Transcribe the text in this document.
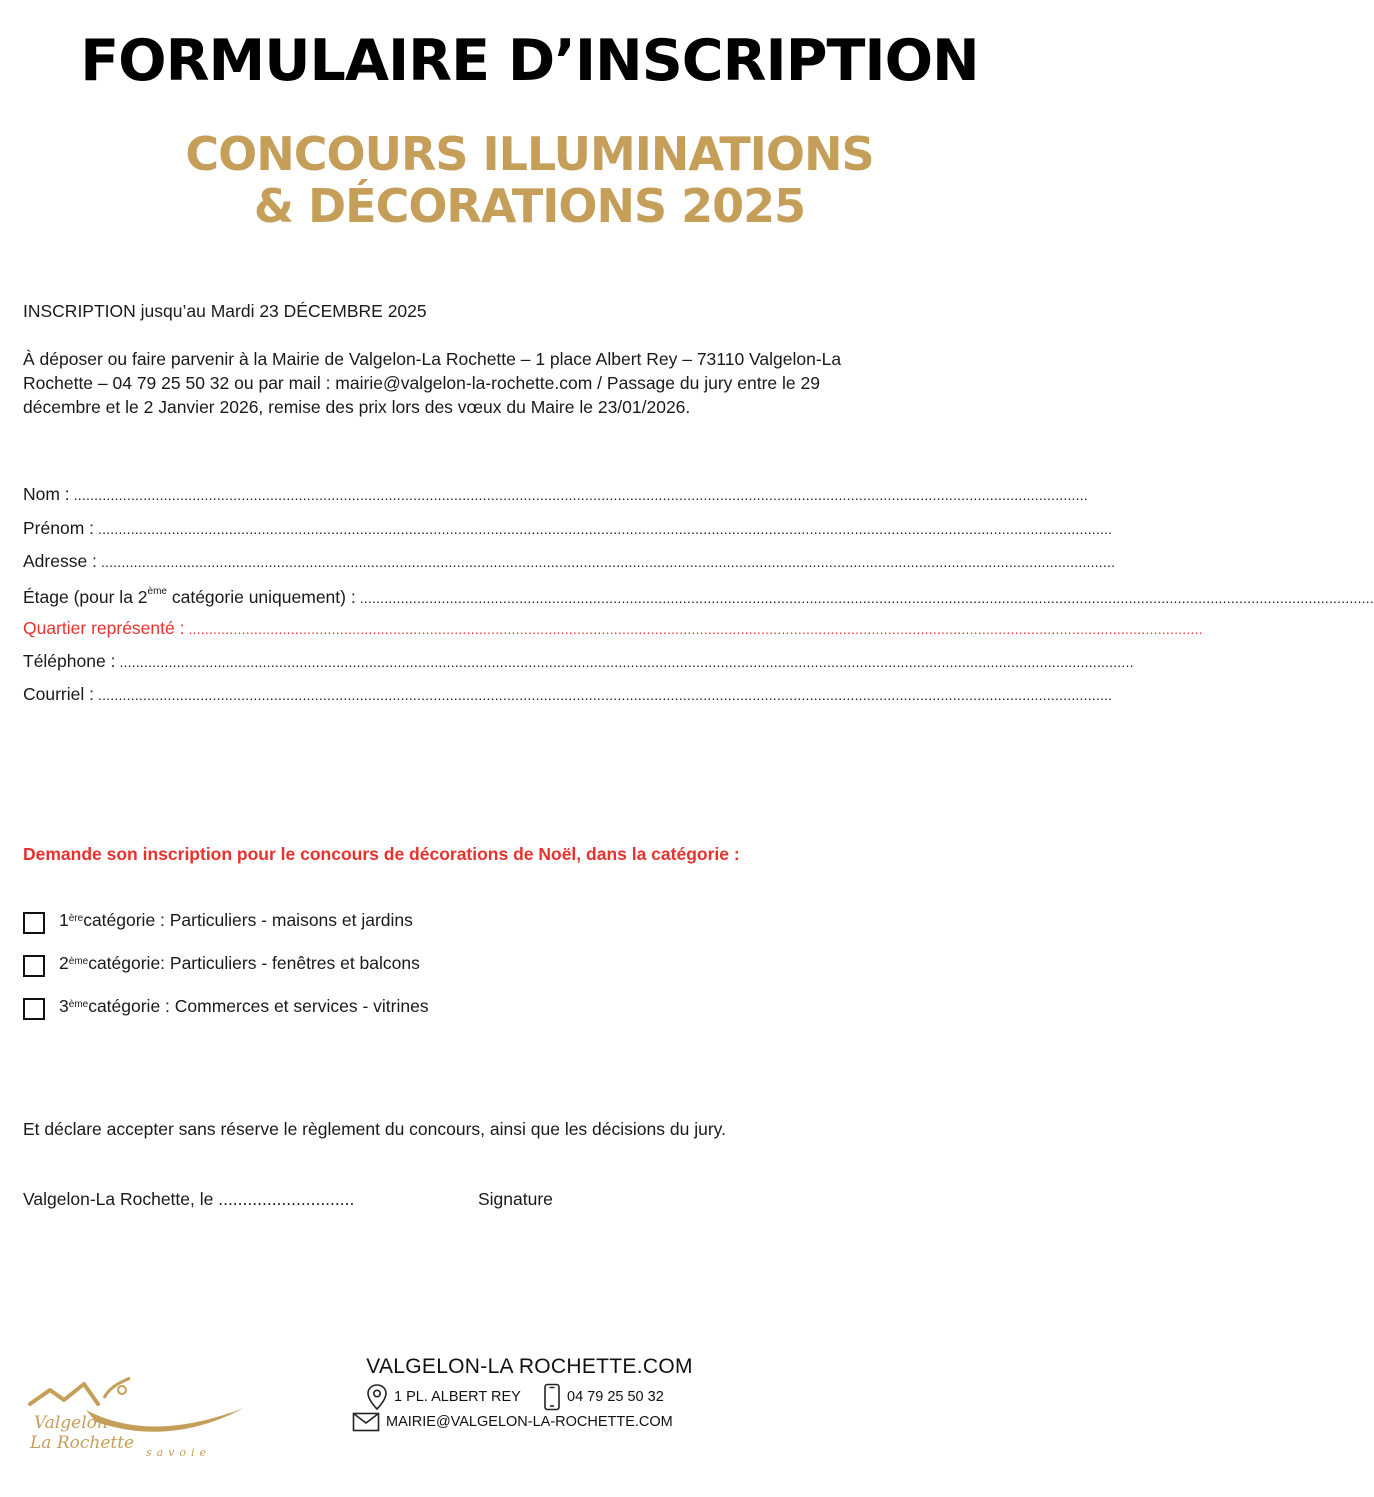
FORMULAIRE D’INSCRIPTION
CONCOURS ILLUMINATIONS
& DÉCORATIONS 2025
INSCRIPTION jusqu’au Mardi 23 DÉCEMBRE 2025
À déposer ou faire parvenir à la Mairie de Valgelon-La Rochette – 1 place Albert Rey – 73110 Valgelon-La
Rochette – 04 79 25 50 32 ou par mail : mairie@valgelon-la-rochette.com / Passage du jury entre le 29
décembre et le 2 Janvier 2026, remise des prix lors des vœux du Maire le 23/01/2026.
Nom : ........................................................................................................................................................................................................................................................
Prénom : ........................................................................................................................................................................................................................................................
Adresse : ........................................................................................................................................................................................................................................................
Étage (pour la 2ème catégorie uniquement) : ........................................................................................................................................................................................................................................................
Quartier représenté : ........................................................................................................................................................................................................................................................
Téléphone : ........................................................................................................................................................................................................................................................
Courriel : ........................................................................................................................................................................................................................................................
Demande son inscription pour le concours de décorations de Noël, dans la catégorie :
1ère catégorie : Particuliers - maisons et jardins
2ème catégorie: Particuliers - fenêtres et balcons
3ème catégorie : Commerces et services - vitrines
Et déclare accepter sans réserve le règlement du concours, ainsi que les décisions du jury.
Valgelon-La Rochette, le ............................	Signature
VALGELON-LA ROCHETTE.COM
1 PL. ALBERT REY	04 79 25 50 32
MAIRIE@VALGELON-LA-ROCHETTE.COM
Valgelon-
La Rochette savoie
